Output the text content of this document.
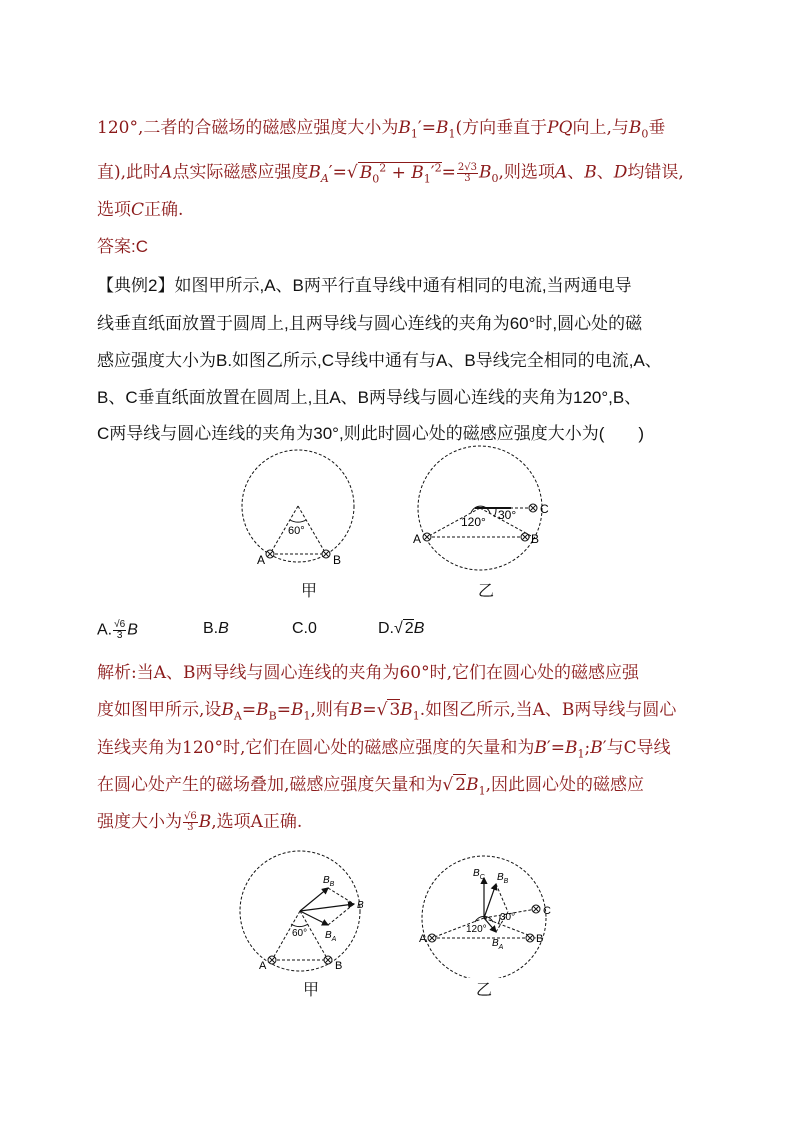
120°,二者的合磁场的磁感应强度大小为$B_1'=B_1$(方向垂直于PQ向上,与$B_0$垂
直),此时A点实际磁感应强度$B_A'=√$ $B_0^2 + B_1'^2= \frac{2√3}{3} B_0$,则选项A、B、D均错误,
选项C正确.
答案:C
【典例2】如图甲所示,A、B两平行直导线中通有相同的电流,当两通电导
线垂直纸面放置于圆周上,且两导线与圆心连线的夹角为60°时,圆心处的磁
感应强度大小为B.如图乙所示,C导线中通有与A、B导线完全相同的电流,A、
B、C垂直纸面放置在圆周上,且A、B两导线与圆心连线的夹角为120°,B、
C两导线与圆心连线的夹角为30°,则此时圆心处的磁感应强度大小为(　　)
60°
A	B
120° 30°
A	B
C
甲	乙
A. $\frac{√6}{3}$ B	B.B	C.0	D.√ 2B
解析:当A、B两导线与圆心连线的夹角为60°时,它们在圆心处的磁感应强
度如图甲所示,设$B_A=B_B=B_1$,则有B=√ $3B_1$.如图乙所示,当A、B两导线与圆心
连线夹角为120°时,它们在圆心处的磁感应强度的矢量和为$B'=B_1;B'$与C导线
在圆心处产生的磁场叠加,磁感应强度矢量和为√ $2B_1$,因此圆心处的磁感应
强度大小为 $\frac{√6}{3} B$,选项A正确.
60°
$B_B$
$B_A$
B
A	B
120°
30°
$B_C$ $B_B$
$B_A$
A	B
C
甲	乙
